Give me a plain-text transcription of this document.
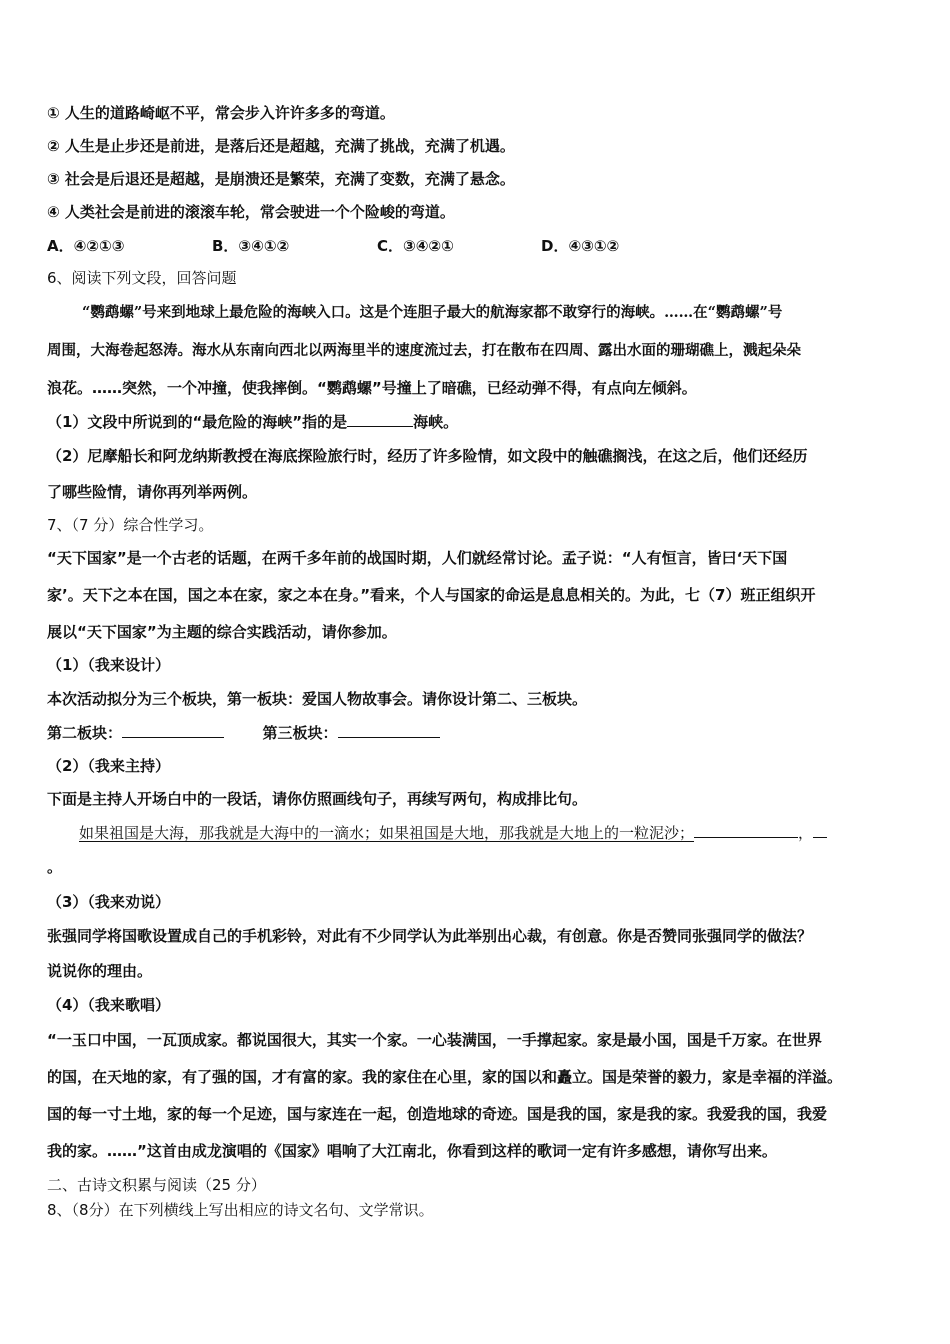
① 人生的道路崎岖不平，常会步入许许多多的弯道。
② 人生是止步还是前进，是落后还是超越，充满了挑战，充满了机遇。
③ 社会是后退还是超越，是崩溃还是繁荣，充满了变数，充满了悬念。
④ 人类社会是前进的滚滚车轮，常会驶进一个个险峻的弯道。
A．④②①③	B．③④①②	C．③④②①	D．④③①②
6、阅读下列文段，回答问题
“鹦鹉螺”号来到地球上最危险的海峡入口。这是个连胆子最大的航海家都不敢穿行的海峡。……在“鹦鹉螺”号
周围，大海卷起怒涛。海水从东南向西北以两海里半的速度流过去，打在散布在四周、露出水面的珊瑚礁上，溅起朵朵
浪花。……突然，一个冲撞，使我摔倒。“鹦鹉螺”号撞上了暗礁，已经动弹不得，有点向左倾斜。
（1）文段中所说到的“最危险的海峡”指的是	海峡。
（2）尼摩船长和阿龙纳斯教授在海底探险旅行时，经历了许多险情，如文段中的触礁搁浅，在这之后，他们还经历
了哪些险情，请你再列举两例。
7、（7 分）综合性学习。
“天下国家”是一个古老的话题，在两千多年前的战国时期，人们就经常讨论。孟子说：“人有恒言，皆曰‘天下国
家’。天下之本在国，国之本在家，家之本在身。”看来，个人与国家的命运是息息相关的。为此，七（7）班正组织开
展以“天下国家”为主题的综合实践活动，请你参加。
（1）（我来设计）
本次活动拟分为三个板块，第一板块：爱国人物故事会。请你设计第二、三板块。
第二板块：	第三板块：
（2）（我来主持）
下面是主持人开场白中的一段话，请你仿照画线句子，再续写两句，构成排比句。
如果祖国是大海，那我就是大海中的一滴水；如果祖国是大地，那我就是大地上的一粒泥沙；	，
。
（3）（我来劝说）
张强同学将国歌设置成自己的手机彩铃，对此有不少同学认为此举别出心裁，有创意。你是否赞同张强同学的做法？
说说你的理由。
（4）（我来歌唱）
“一玉口中国，一瓦顶成家。都说国很大，其实一个家。一心装满国，一手撑起家。家是最小国，国是千万家。在世界
的国，在天地的家，有了强的国，才有富的家。我的家住在心里，家的国以和矗立。国是荣誉的毅力，家是幸福的洋溢。
国的每一寸土地，家的每一个足迹，国与家连在一起，创造地球的奇迹。国是我的国，家是我的家。我爱我的国，我爱
我的家。……”这首由成龙演唱的《国家》唱响了大江南北，你看到这样的歌词一定有许多感想，请你写出来。
二、古诗文积累与阅读（25 分）
8、（8分）在下列横线上写出相应的诗文名句、文学常识。
